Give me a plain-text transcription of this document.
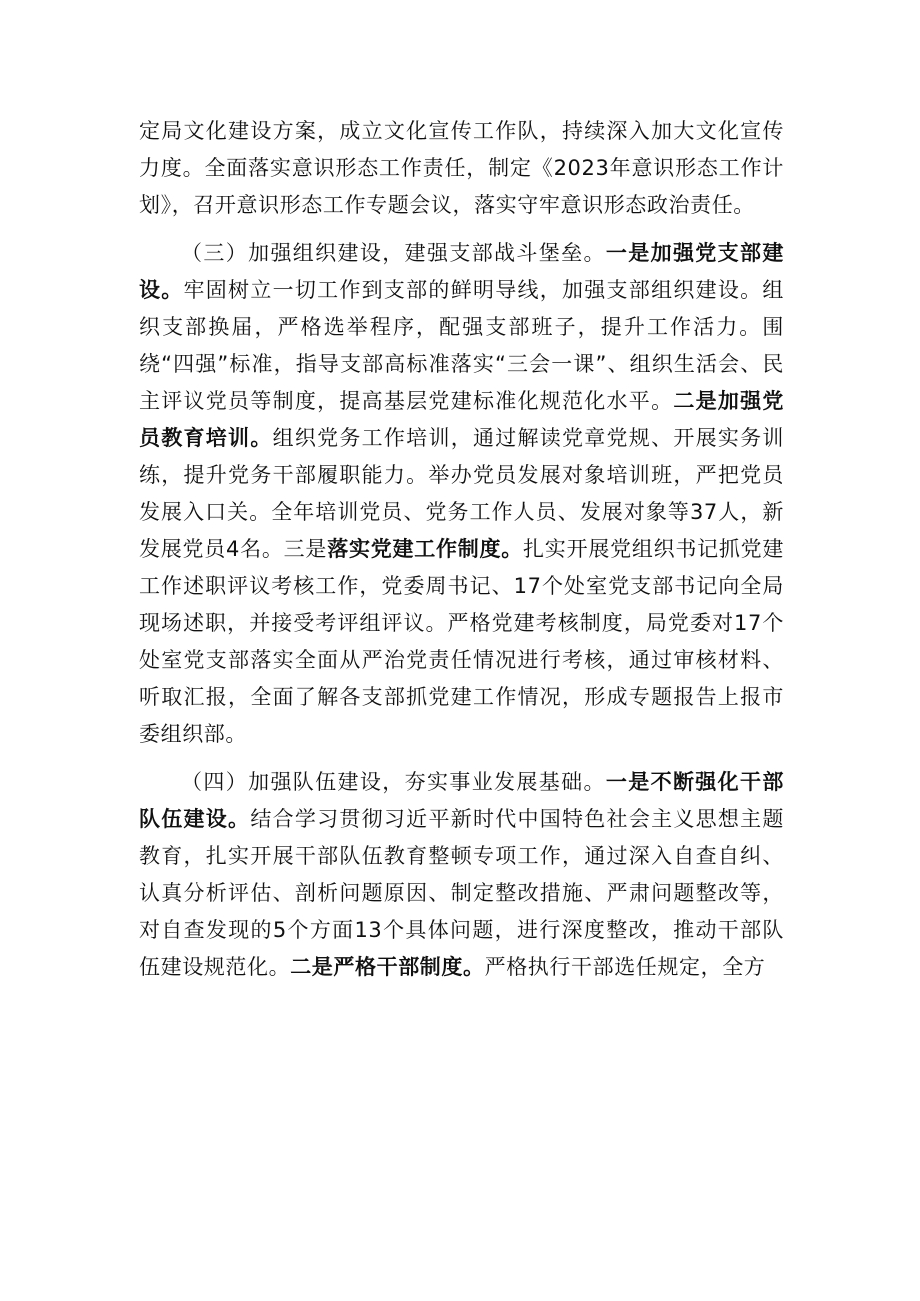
定局文化建设方案，成立文化宣传工作队，持续深入加大文化宣传力度。全面落实意识形态工作责任，制定《2023年意识形态工作计划》，召开意识形态工作专题会议，落实守牢意识形态政治责任。

（三）加强组织建设，建强支部战斗堡垒。一是加强党支部建设。牢固树立一切工作到支部的鲜明导线，加强支部组织建设。组织支部换届，严格选举程序，配强支部班子，提升工作活力。围绕“四强”标准，指导支部高标准落实“三会一课”、组织生活会、民主评议党员等制度，提高基层党建标准化规范化水平。二是加强党员教育培训。组织党务工作培训，通过解读党章党规、开展实务训练，提升党务干部履职能力。举办党员发展对象培训班，严把党员发展入口关。全年培训党员、党务工作人员、发展对象等37人，新发展党员4名。三是落实党建工作制度。扎实开展党组织书记抓党建工作述职评议考核工作，党委周书记、17个处室党支部书记向全局现场述职，并接受考评组评议。严格党建考核制度，局党委对17个处室党支部落实全面从严治党责任情况进行考核，通过审核材料、听取汇报，全面了解各支部抓党建工作情况，形成专题报告上报市委组织部。

（四）加强队伍建设，夯实事业发展基础。一是不断强化干部队伍建设。结合学习贯彻习近平新时代中国特色社会主义思想主题教育，扎实开展干部队伍教育整顿专项工作，通过深入自查自纠、认真分析评估、剖析问题原因、制定整改措施、严肃问题整改等，对自查发现的5个方面13个具体问题，进行深度整改，推动干部队伍建设规范化。二是严格干部制度。严格执行干部选任规定，全方
